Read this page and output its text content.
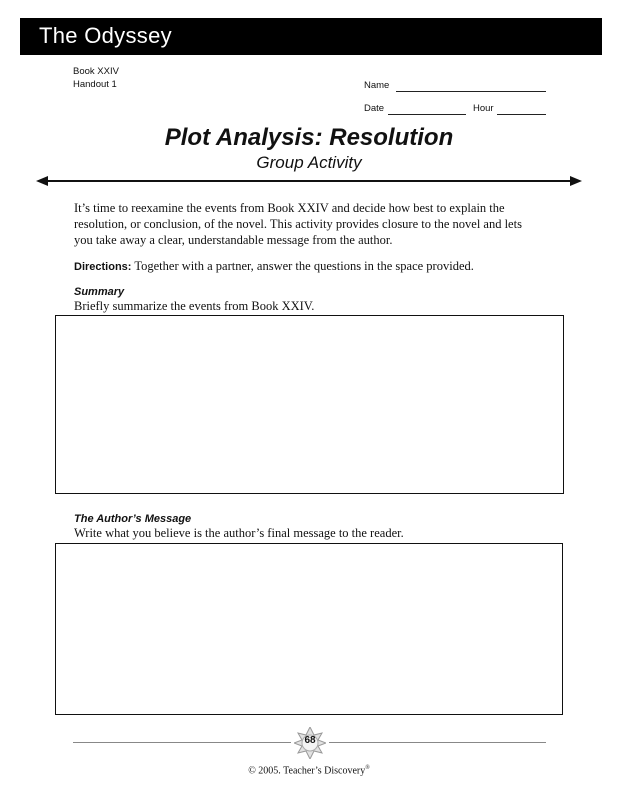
The Odyssey
Book XXIV
Handout 1	Name
Date	Hour
Plot Analysis: Resolution
Group Activity
It’s time to reexamine the events from Book XXIV and decide how best to explain the resolution, or conclusion, of the novel. This activity provides closure to the novel and lets you take away a clear, understandable message from the author.
Directions: Together with a partner, answer the questions in the space provided.
Summary
Briefly summarize the events from Book XXIV.
The Author’s Message
Write what you believe is the author’s final message to the reader.
68
© 2005. Teacher’s Discovery®
